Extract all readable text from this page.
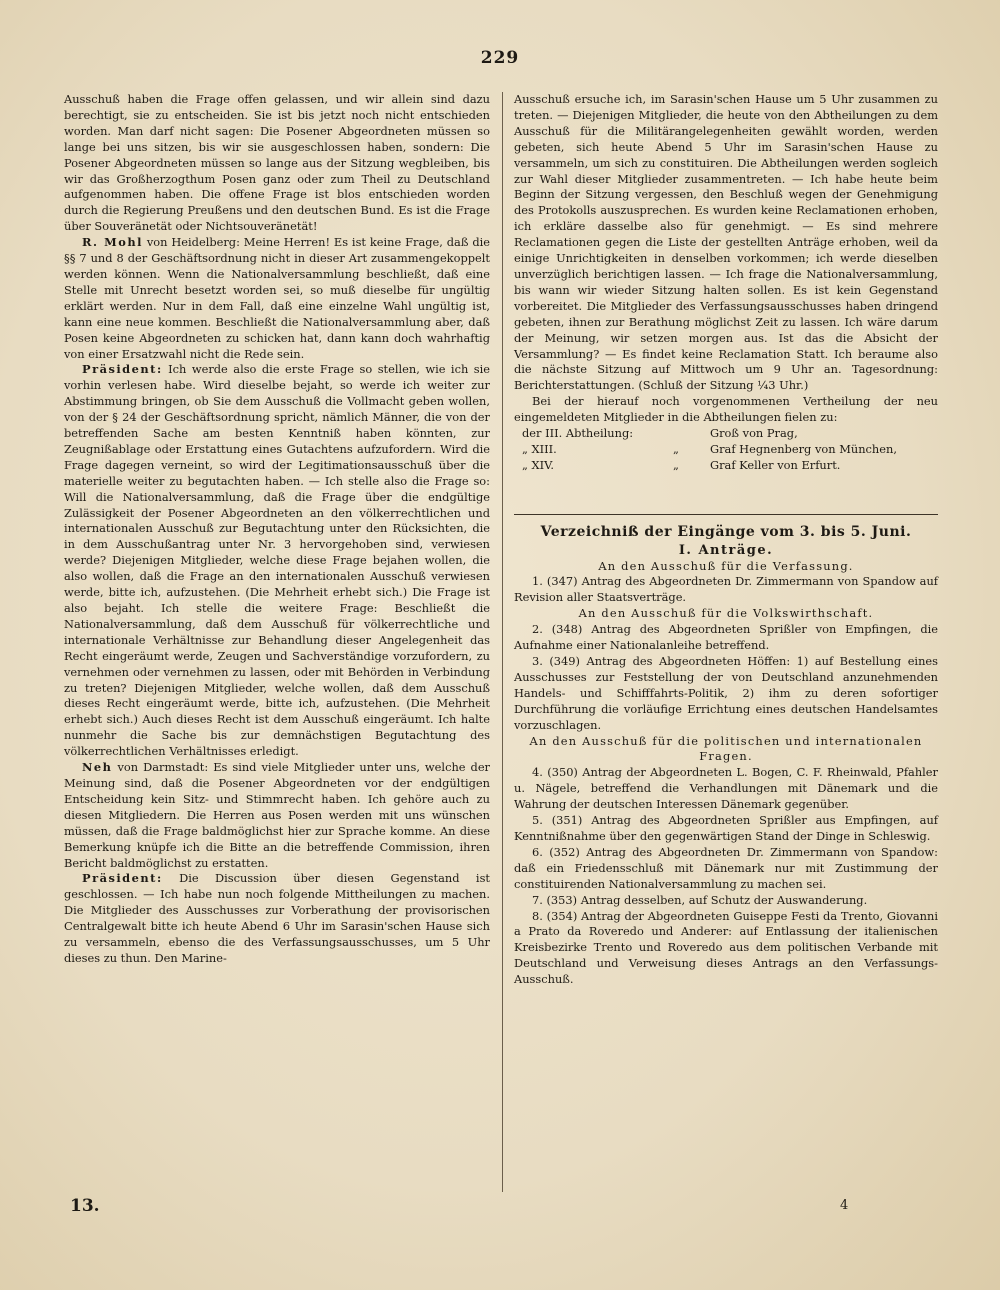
229

Ausschuß haben die Frage offen gelassen, und wir allein sind dazu berechtigt, sie zu entscheiden. Sie ist bis jetzt noch nicht entschieden worden. Man darf nicht sagen: Die Posener Abgeordneten müssen so lange bei uns sitzen, bis wir sie ausgeschlossen haben, sondern: Die Posener Abgeordneten müssen so lange aus der Sitzung wegbleiben, bis wir das Großherzogthum Posen ganz oder zum Theil zu Deutschland aufgenommen haben. Die offene Frage ist blos entschieden worden durch die Regierung Preußens und den deutschen Bund. Es ist die Frage über Souveränetät oder Nichtsouveränetät!

R. Mohl von Heidelberg: Meine Herren! Es ist keine Frage, daß die §§ 7 und 8 der Geschäftsordnung nicht in dieser Art zusammengekoppelt werden können. Wenn die Nationalversammlung beschließt, daß eine Stelle mit Unrecht besetzt worden sei, so muß dieselbe für ungültig erklärt werden. Nur in dem Fall, daß eine einzelne Wahl ungültig ist, kann eine neue kommen. Beschließt die Nationalversammlung aber, daß Posen keine Abgeordneten zu schicken hat, dann kann doch wahrhaftig von einer Ersatzwahl nicht die Rede sein.

Präsident: Ich werde also die erste Frage so stellen, wie ich sie vorhin verlesen habe. Wird dieselbe bejaht, so werde ich weiter zur Abstimmung bringen, ob Sie dem Ausschuß die Vollmacht geben wollen, von der § 24 der Geschäftsordnung spricht, nämlich Männer, die von der betreffenden Sache am besten Kenntniß haben könnten, zur Zeugnißablage oder Erstattung eines Gutachtens aufzufordern. Wird die Frage dagegen verneint, so wird der Legitimationsausschuß über die materielle weiter zu begutachten haben. — Ich stelle also die Frage so: Will die Nationalversammlung, daß die Frage über die endgültige Zulässigkeit der Posener Abgeordneten an den völkerrechtlichen und internationalen Ausschuß zur Begutachtung unter den Rücksichten, die in dem Ausschußantrag unter Nr. 3 hervorgehoben sind, verwiesen werde? Diejenigen Mitglieder, welche diese Frage bejahen wollen, die also wollen, daß die Frage an den internationalen Ausschuß verwiesen werde, bitte ich, aufzustehen. (Die Mehrheit erhebt sich.) Die Frage ist also bejaht. Ich stelle die weitere Frage: Beschließt die Nationalversammlung, daß dem Ausschuß für völkerrechtliche und internationale Verhältnisse zur Behandlung dieser Angelegenheit das Recht eingeräumt werde, Zeugen und Sachverständige vorzufordern, zu vernehmen oder vernehmen zu lassen, oder mit Behörden in Verbindung zu treten? Diejenigen Mitglieder, welche wollen, daß dem Ausschuß dieses Recht eingeräumt werde, bitte ich, aufzustehen. (Die Mehrheit erhebt sich.) Auch dieses Recht ist dem Ausschuß eingeräumt. Ich halte nunmehr die Sache bis zur demnächstigen Begutachtung des völkerrechtlichen Verhältnisses erledigt.

Neh von Darmstadt: Es sind viele Mitglieder unter uns, welche der Meinung sind, daß die Posener Abgeordneten vor der endgültigen Entscheidung kein Sitz- und Stimmrecht haben. Ich gehöre auch zu diesen Mitgliedern. Die Herren aus Posen werden mit uns wünschen müssen, daß die Frage baldmöglichst hier zur Sprache komme. An diese Bemerkung knüpfe ich die Bitte an die betreffende Commission, ihren Bericht baldmöglichst zu erstatten.

Präsident: Die Discussion über diesen Gegenstand ist geschlossen. — Ich habe nun noch folgende Mittheilungen zu machen. Die Mitglieder des Ausschusses zur Vorberathung der provisorischen Centralgewalt bitte ich heute Abend 6 Uhr im Sarasin'schen Hause sich zu versammeln, ebenso die des Verfassungsausschusses, um 5 Uhr dieses zu thun. Den Marine-

Ausschuß ersuche ich, im Sarasin'schen Hause um 5 Uhr zusammen zu treten. — Diejenigen Mitglieder, die heute von den Abtheilungen zu dem Ausschuß für die Militärangelegenheiten gewählt worden, werden gebeten, sich heute Abend 5 Uhr im Sarasin'schen Hause zu versammeln, um sich zu constituiren. Die Abtheilungen werden sogleich zur Wahl dieser Mitglieder zusammentreten. — Ich habe heute beim Beginn der Sitzung vergessen, den Beschluß wegen der Genehmigung des Protokolls auszusprechen. Es wurden keine Reclamationen erhoben, ich erkläre dasselbe also für genehmigt. — Es sind mehrere Reclamationen gegen die Liste der gestellten Anträge erhoben, weil da einige Unrichtigkeiten in denselben vorkommen; ich werde dieselben unverzüglich berichtigen lassen. — Ich frage die Nationalversammlung, bis wann wir wieder Sitzung halten sollen. Es ist kein Gegenstand vorbereitet. Die Mitglieder des Verfassungsausschusses haben dringend gebeten, ihnen zur Berathung möglichst Zeit zu lassen. Ich wäre darum der Meinung, wir setzen morgen aus. Ist das die Absicht der Versammlung? — Es findet keine Reclamation Statt. Ich beraume also die nächste Sitzung auf Mittwoch um 9 Uhr an. Tagesordnung: Berichterstattungen. (Schluß der Sitzung ¼3 Uhr.)

Bei der hierauf noch vorgenommenen Vertheilung der neu eingemeldeten Mitglieder in die Abtheilungen fielen zu:

der III. Abtheilung:	Groß von Prag,
„ XIII.	„	Graf Hegnenberg von München,
„ XIV.	„	Graf Keller von Erfurt.
Verzeichniß der Eingänge vom 3. bis 5. Juni.
I. Anträge.

An den Ausschuß für die Verfassung.

1. (347) Antrag des Abgeordneten Dr. Zimmermann von Spandow auf Revision aller Staatsverträge.

An den Ausschuß für die Volkswirthschaft.

2. (348) Antrag des Abgeordneten Sprißler von Empfingen, die Aufnahme einer Nationalanleihe betreffend.

3. (349) Antrag des Abgeordneten Höffen: 1) auf Bestellung eines Ausschusses zur Feststellung der von Deutschland anzunehmenden Handels- und Schifffahrts-Politik, 2) ihm zu deren sofortiger Durchführung die vorläufige Errichtung eines deutschen Handelsamtes vorzuschlagen.

An den Ausschuß für die politischen und internationalen Fragen.

4. (350) Antrag der Abgeordneten L. Bogen, C. F. Rheinwald, Pfahler u. Nägele, betreffend die Verhandlungen mit Dänemark und die Wahrung der deutschen Interessen Dänemark gegenüber.

5. (351) Antrag des Abgeordneten Sprißler aus Empfingen, auf Kenntnißnahme über den gegenwärtigen Stand der Dinge in Schleswig.

6. (352) Antrag des Abgeordneten Dr. Zimmermann von Spandow: daß ein Friedensschluß mit Dänemark nur mit Zustimmung der constituirenden Nationalversammlung zu machen sei.

7. (353) Antrag desselben, auf Schutz der Auswanderung.

8. (354) Antrag der Abgeordneten Guiseppe Festi da Trento, Giovanni a Prato da Roveredo und Anderer: auf Entlassung der italienischen Kreisbezirke Trento und Roveredo aus dem politischen Verbande mit Deutschland und Verweisung dieses Antrags an den Verfassungs-Ausschuß.

13.	4
